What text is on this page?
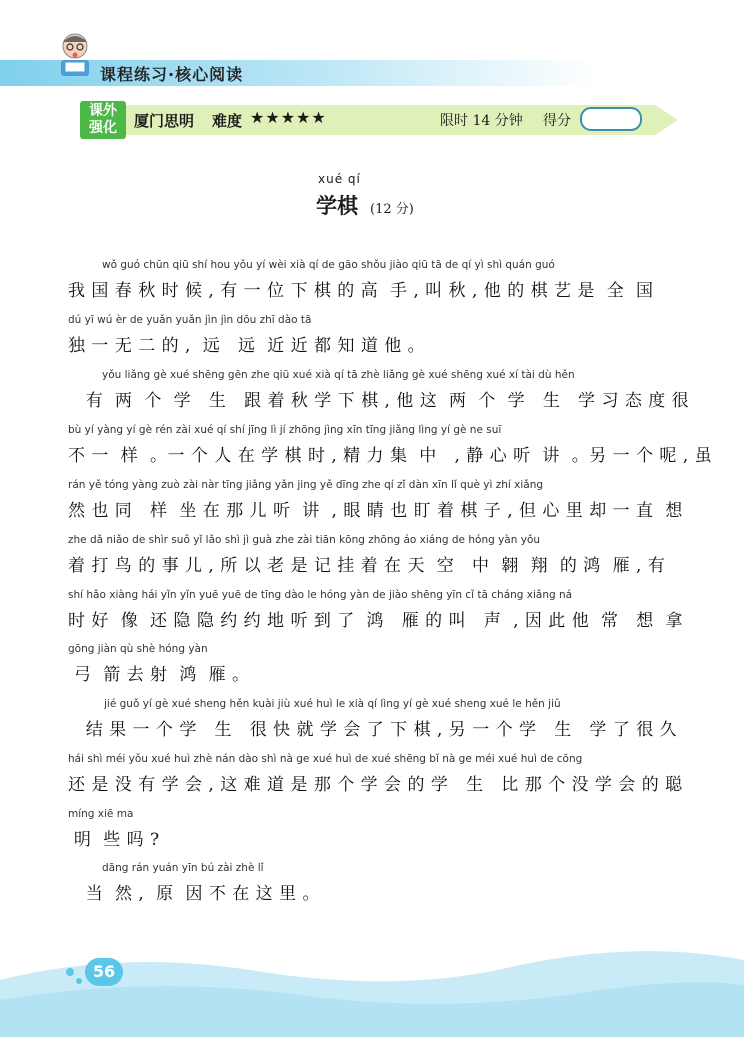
课程练习·核心阅读
课外
强化	厦门思明 难度 ★★★★★	限时 14 分钟 得分
xué qí
学棋 (12 分)
wǒ guó chūn qiū shí hou yǒu yí wèi xià qí de gāo shǒu jiào qiū tā de qí yì shì quán guó
我 国 春 秋 时 候 , 有 一 位 下 棋 的 高  手 , 叫 秋 , 他 的 棋 艺 是  全  国
dú yī wú èr de yuǎn yuǎn jìn jìn dōu zhī dào tā
独 一 无 二 的 ,  远   远  近 近 都 知 道 他 。
yǒu liǎng gè xué shēng gēn zhe qiū xué xià qí tā zhè liǎng gè xué shēng xué xí tài dù hěn
有  两  个  学   生   跟 着 秋 学 下 棋 , 他 这  两  个  学   生   学 习 态 度 很
bù yí yàng yí gè rén zài xué qí shí jīng lì jí zhōng jìng xīn tīng jiǎng lìng yí gè ne suī
不 一  样  。一 个 人 在 学 棋 时 , 精 力 集  中   , 静 心 听  讲  。另 一 个 呢 , 虽
rán yě tóng yàng zuò zài nàr tīng jiǎng yǎn jing yě dīng zhe qí zǐ dàn xīn lǐ què yì zhí xiǎng
然 也 同   样  坐 在 那 儿 听  讲  , 眼 睛 也 盯 着 棋 子 , 但 心 里 却 一 直  想
zhe dǎ niǎo de shìr suǒ yǐ lǎo shì jì guà zhe zài tiān kōng zhōng áo xiáng de hóng yàn yǒu
着 打 鸟 的 事 儿 , 所 以 老 是 记 挂 着 在 天  空   中  翱  翔  的 鸿  雁 , 有
shí hǎo xiàng hái yǐn yǐn yuē yuē de tīng dào le hóng yàn de jiào shēng yīn cǐ tā cháng xiǎng ná
时 好  像  还 隐 隐 约 约 地 听 到 了  鸿   雁 的 叫   声  , 因 此 他  常   想  拿
gōng jiàn qù shè hóng yàn
弓  箭 去 射  鸿  雁 。
jié guǒ yí gè xué sheng hěn kuài jiù xué huì le xià qí lìng yí gè xué sheng xué le hěn jiǔ
结 果 一 个 学   生   很 快 就 学 会 了 下 棋 , 另 一 个 学   生   学 了 很 久
hái shì méi yǒu xué huì zhè nán dào shì nà ge xué huì de xué shēng bǐ nà ge méi xué huì de cōng
还 是 没 有 学 会 , 这 难 道 是 那 个 学 会 的 学   生   比 那 个 没 学 会 的 聪
míng xiē ma
明  些 吗 ?
dāng rán yuán yīn bú zài zhè lǐ
当  然 ,  原  因 不 在 这 里 。
56
